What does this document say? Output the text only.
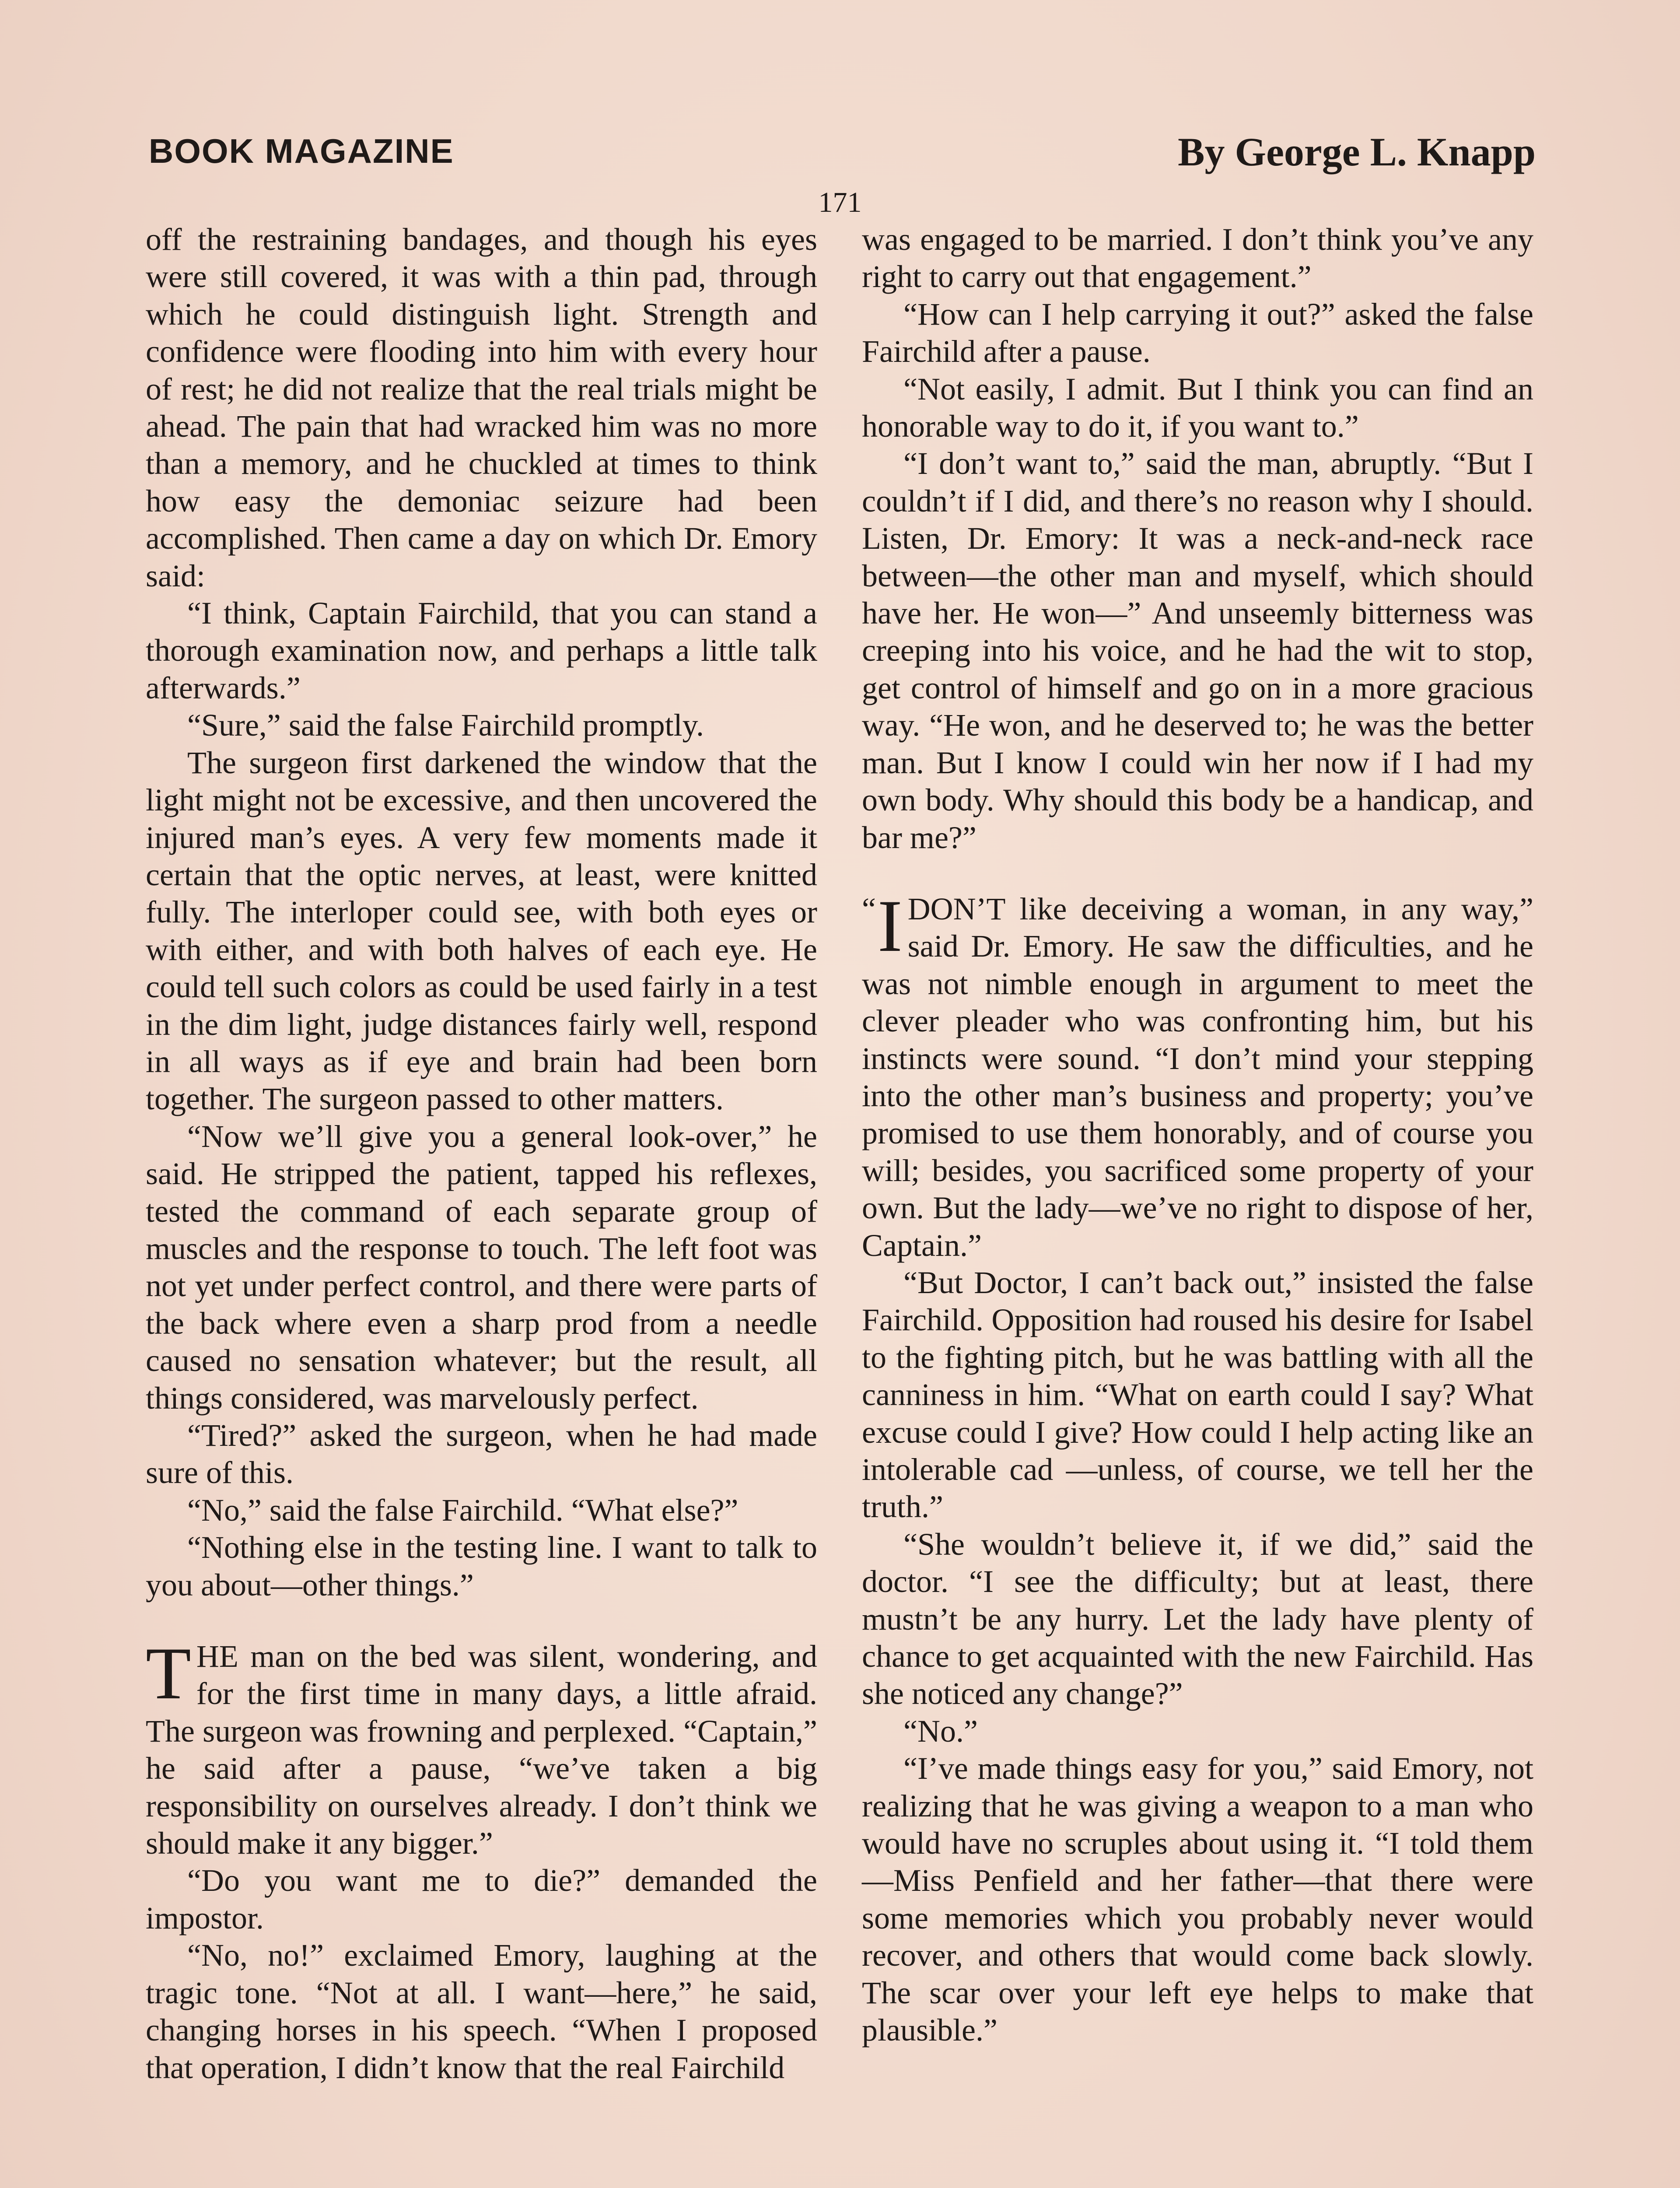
BOOK MAGAZINE	By George L. Knapp
171

off the restraining bandages, and though his eyes were still covered, it was with a thin pad, through which he could distinguish light. Strength and confidence were flooding into him with every hour of rest; he did not realize that the real trials might be ahead. The pain that had wracked him was no more than a memory, and he chuckled at times to think how easy the demoniac seizure had been accomplished. Then came a day on which Dr. Emory said:

“I think, Captain Fairchild, that you can stand a thorough examination now, and perhaps a little talk afterwards.”

“Sure,” said the false Fairchild promptly.

The surgeon first darkened the window that the light might not be excessive, and then uncovered the injured man’s eyes. A very few moments made it certain that the optic nerves, at least, were knitted fully. The interloper could see, with both eyes or with either, and with both halves of each eye. He could tell such colors as could be used fairly in a test in the dim light, judge distances fairly well, respond in all ways as if eye and brain had been born together. The surgeon passed to other matters.

“Now we’ll give you a general look-over,” he said. He stripped the patient, tapped his reflexes, tested the command of each separate group of muscles and the response to touch. The left foot was not yet under perfect control, and there were parts of the back where even a sharp prod from a needle caused no sensation whatever; but the result, all things considered, was marvelously perfect.

“Tired?” asked the surgeon, when he had made sure of this.

“No,” said the false Fairchild. “What else?”

“Nothing else in the testing line. I want to talk to you about—other things.”

THE man on the bed was silent, wondering, and for the first time in many days, a little afraid. The surgeon was frowning and perplexed. “Captain,” he said after a pause, “we’ve taken a big responsibility on ourselves already. I don’t think we should make it any bigger.”

“Do you want me to die?” demanded the impostor.

“No, no!” exclaimed Emory, laughing at the tragic tone. “Not at all. I want—here,” he said, changing horses in his speech. “When I proposed that operation, I didn’t know that the real Fairchild

was engaged to be married. I don’t think you’ve any right to carry out that engagement.”

“How can I help carrying it out?” asked the false Fairchild after a pause.

“Not easily, I admit. But I think you can find an honorable way to do it, if you want to.”

“I don’t want to,” said the man, abruptly. “But I couldn’t if I did, and there’s no reason why I should. Listen, Dr. Emory: It was a neck-and-neck race between—the other man and myself, which should have her. He won—” And unseemly bitterness was creeping into his voice, and he had the wit to stop, get control of himself and go on in a more gracious way. “He won, and he deserved to; he was the better man. But I know I could win her now if I had my own body. Why should this body be a handicap, and bar me?”

“ I DON’T like deceiving a woman, in any way,” said Dr. Emory. He saw the difficulties, and he was not nimble enough in argument to meet the clever pleader who was confronting him, but his instincts were sound. “I don’t mind your stepping into the other man’s business and property; you’ve promised to use them honorably, and of course you will; besides, you sacrificed some property of your own. But the lady—we’ve no right to dispose of her, Captain.”

“But Doctor, I can’t back out,” insisted the false Fairchild. Opposition had roused his desire for Isabel to the fighting pitch, but he was battling with all the canniness in him. “What on earth could I say? What excuse could I give? How could I help acting like an intolerable cad —unless, of course, we tell her the truth.”

“She wouldn’t believe it, if we did,” said the doctor. “I see the difficulty; but at least, there mustn’t be any hurry. Let the lady have plenty of chance to get acquainted with the new Fairchild. Has she noticed any change?”

“No.”

“I’ve made things easy for you,” said Emory, not realizing that he was giving a weapon to a man who would have no scruples about using it. “I told them—Miss Penfield and her father—that there were some memories which you probably never would recover, and others that would come back slowly. The scar over your left eye helps to make that plausible.”
